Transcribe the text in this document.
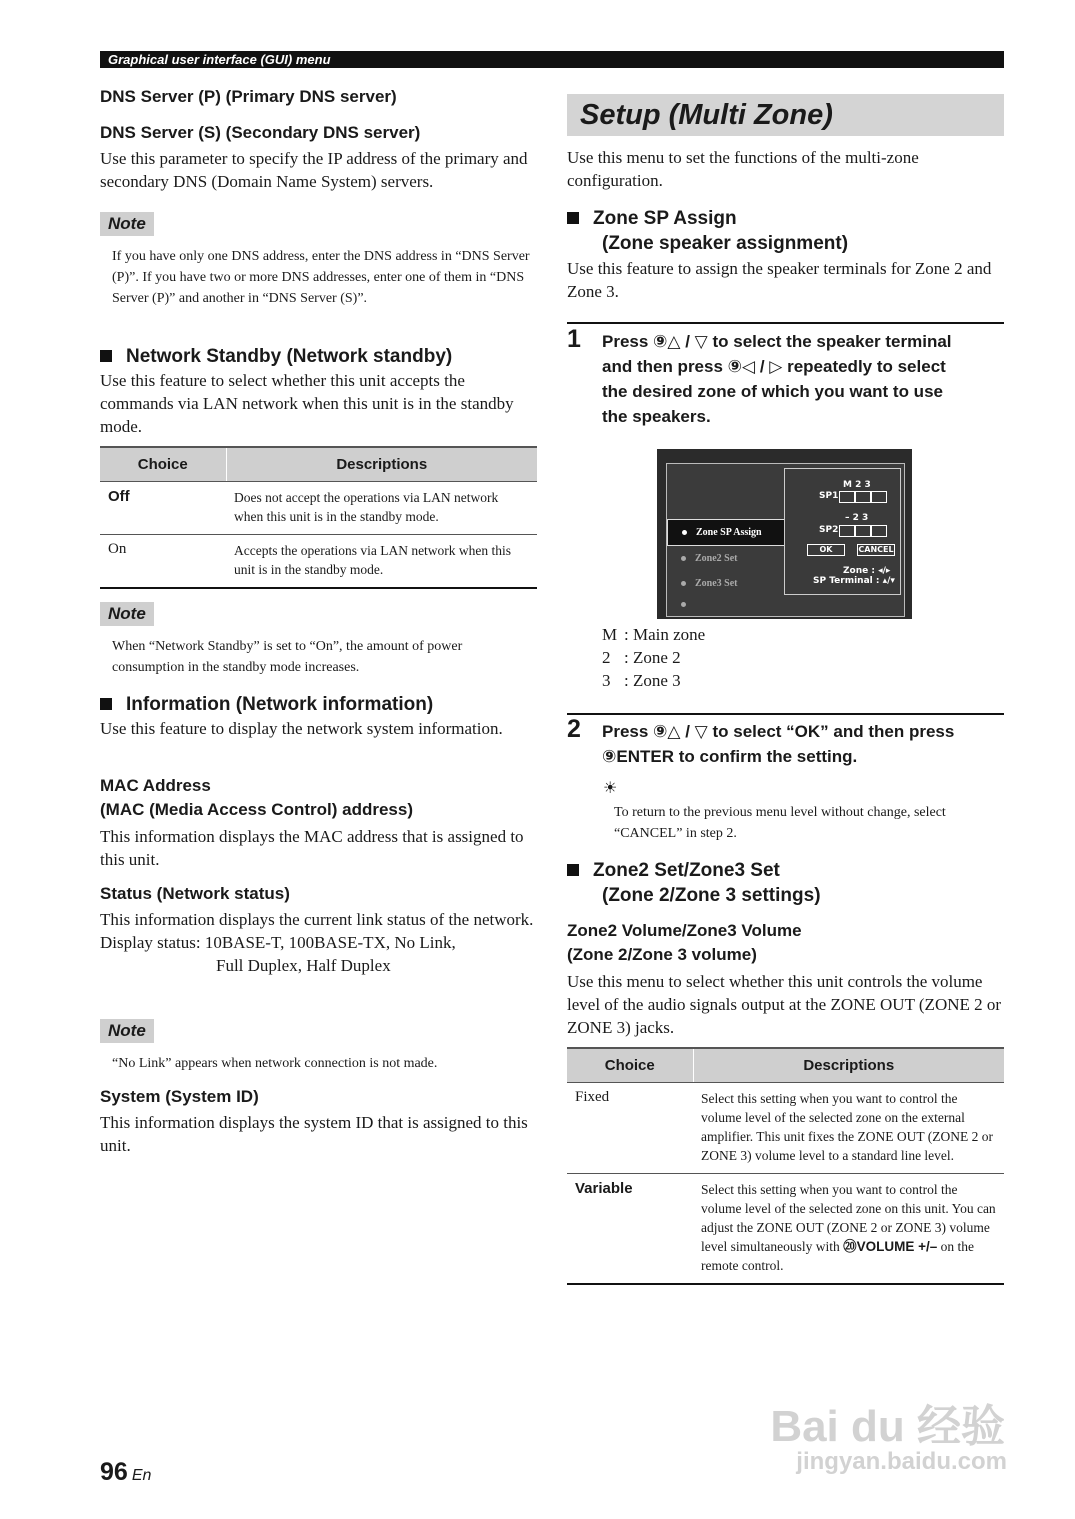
Graphical user interface (GUI) menu

DNS Server (P) (Primary DNS server)

DNS Server (S) (Secondary DNS server)

Use this parameter to specify the IP address of the primary and secondary DNS (Domain Name System) servers.

Note

If you have only one DNS address, enter the DNS address in “DNS Server (P)”. If you have two or more DNS addresses, enter one of them in “DNS Server (P)” and another in “DNS Server (S)”.

Network Standby (Network standby)

Use this feature to select whether this unit accepts the commands via LAN network when this unit is in the standby mode.

Choice	Descriptions
Off	Does not accept the operations via LAN network when this unit is in the standby mode.
On	Accepts the operations via LAN network when this unit is in the standby mode.
Note

When “Network Standby” is set to “On”, the amount of power consumption in the standby mode increases.

Information (Network information)

Use this feature to display the network system information.

MAC Address

(MAC (Media Access Control) address)

This information displays the MAC address that is assigned to this unit.

Status (Network status)

This information displays the current link status of the network.

Display status: 10BASE-T, 100BASE-TX, No Link,

Full Duplex, Half Duplex

Note

“No Link” appears when network connection is not made.

System (System ID)

This information displays the system ID that is assigned to this unit.

Setup (Multi Zone)

Use this menu to set the functions of the multi-zone configuration.

Zone SP Assign

(Zone speaker assignment)

Use this feature to assign the speaker terminals for Zone 2 and Zone 3.

1 Press ⑨△ / ▽ to select the speaker terminal
and then press ⑨◁ / ▷ repeatedly to select
the desired zone of which you want to use
the speakers.
Zone SP Assign
Zone2 Set
Zone3 Set
M 2 3
SP1
– 2 3
SP2
OK	CANCEL
Zone : ◂/▸
SP Terminal : ▴/▾
M : Main zone
2 : Zone 2
3 : Zone 3
2 Press ⑨△ / ▽ to select “OK” and then press
⑨ENTER to confirm the setting.
☀
To return to the previous menu level without change, select “CANCEL” in step 2.

Zone2 Set/Zone3 Set

(Zone 2/Zone 3 settings)

Zone2 Volume/Zone3 Volume

(Zone 2/Zone 3 volume)

Use this menu to select whether this unit controls the volume level of the audio signals output at the ZONE OUT (ZONE 2 or ZONE 3) jacks.

Choice	Descriptions
Fixed	Select this setting when you want to control the volume level of the selected zone on the external amplifier. This unit fixes the ZONE OUT (ZONE 2 or ZONE 3) volume level to a standard line level.
Variable	Select this setting when you want to control the volume level of the selected zone on this unit. You can adjust the ZONE OUT (ZONE 2 or ZONE 3) volume level simultaneously with ⑳VOLUME +/– on the remote control.
96 En
Bai du 经验
jingyan.baidu.com
